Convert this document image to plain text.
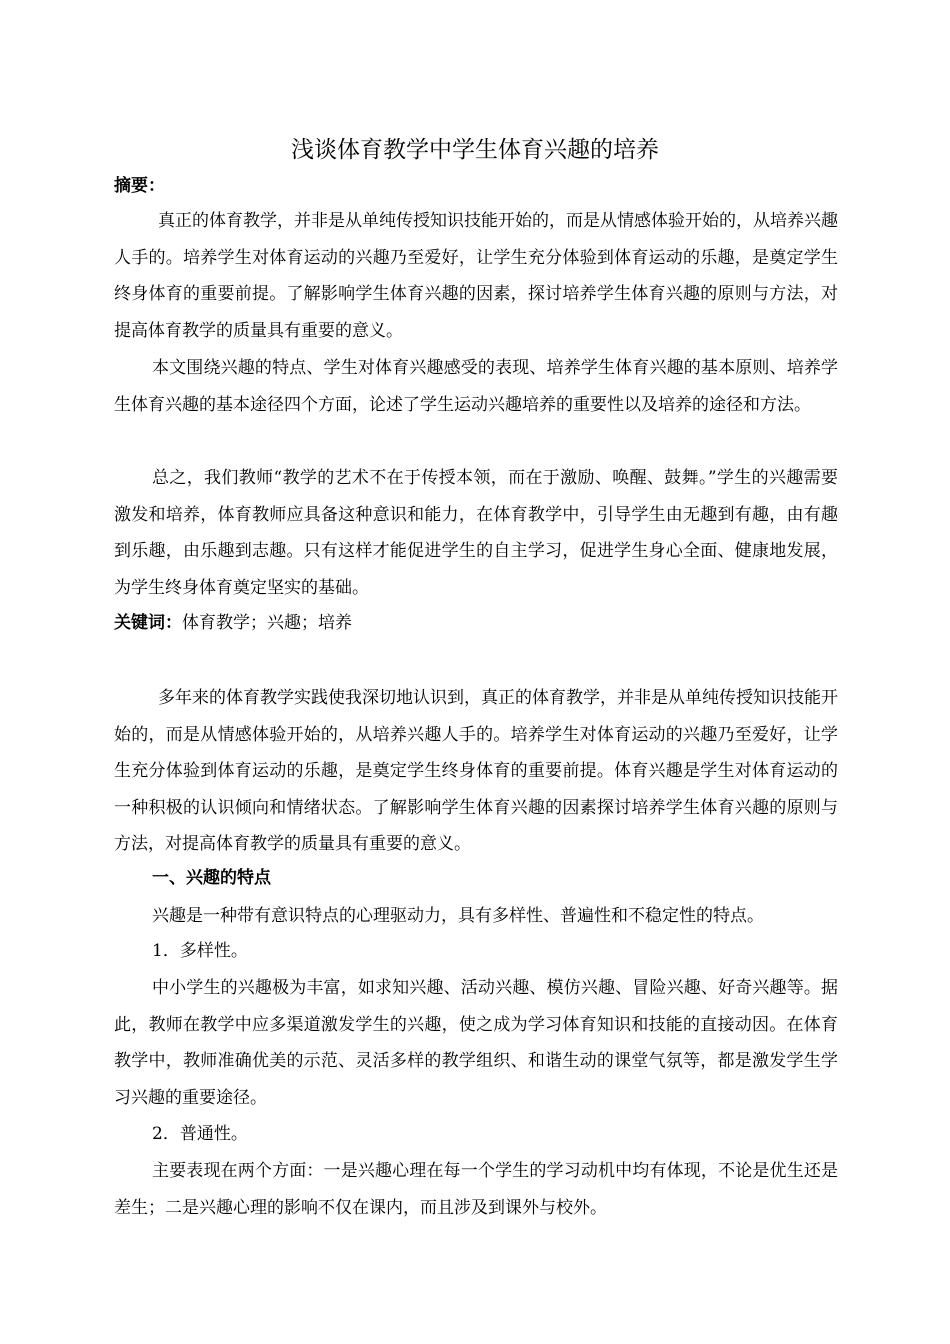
浅谈体育教学中学生体育兴趣的培养
摘要：
真正的体育教学，并非是从单纯传授知识技能开始的，而是从情感体验开始的，从培养兴趣人手的。培养学生对体育运动的兴趣乃至爱好，让学生充分体验到体育运动的乐趣，是奠定学生终身体育的重要前提。了解影响学生体育兴趣的因素，探讨培养学生体育兴趣的原则与方法，对提高体育教学的质量具有重要的意义。
本文围绕兴趣的特点、学生对体育兴趣感受的表现、培养学生体育兴趣的基本原则、培养学生体育兴趣的基本途径四个方面，论述了学生运动兴趣培养的重要性以及培养的途径和方法。
总之，我们教师“教学的艺术不在于传授本领，而在于激励、唤醒、鼓舞。”学生的兴趣需要激发和培养，体育教师应具备这种意识和能力，在体育教学中，引导学生由无趣到有趣，由有趣到乐趣，由乐趣到志趣。只有这样才能促进学生的自主学习，促进学生身心全面、健康地发展，为学生终身体育奠定坚实的基础。
关键词：体育教学；兴趣；培养
多年来的体育教学实践使我深切地认识到，真正的体育教学，并非是从单纯传授知识技能开始的，而是从情感体验开始的，从培养兴趣人手的。培养学生对体育运动的兴趣乃至爱好，让学生充分体验到体育运动的乐趣，是奠定学生终身体育的重要前提。体育兴趣是学生对体育运动的一种积极的认识倾向和情绪状态。了解影响学生体育兴趣的因素探讨培养学生体育兴趣的原则与方法，对提高体育教学的质量具有重要的意义。
一、兴趣的特点
兴趣是一种带有意识特点的心理驱动力，具有多样性、普遍性和不稳定性的特点。
1．多样性。
中小学生的兴趣极为丰富，如求知兴趣、活动兴趣、模仿兴趣、冒险兴趣、好奇兴趣等。据此，教师在教学中应多渠道激发学生的兴趣，使之成为学习体育知识和技能的直接动因。在体育教学中，教师准确优美的示范、灵活多样的教学组织、和谐生动的课堂气氛等，都是激发学生学习兴趣的重要途径。
2．普通性。
主要表现在两个方面：一是兴趣心理在每一个学生的学习动机中均有体现，不论是优生还是差生；二是兴趣心理的影响不仅在课内，而且涉及到课外与校外。
